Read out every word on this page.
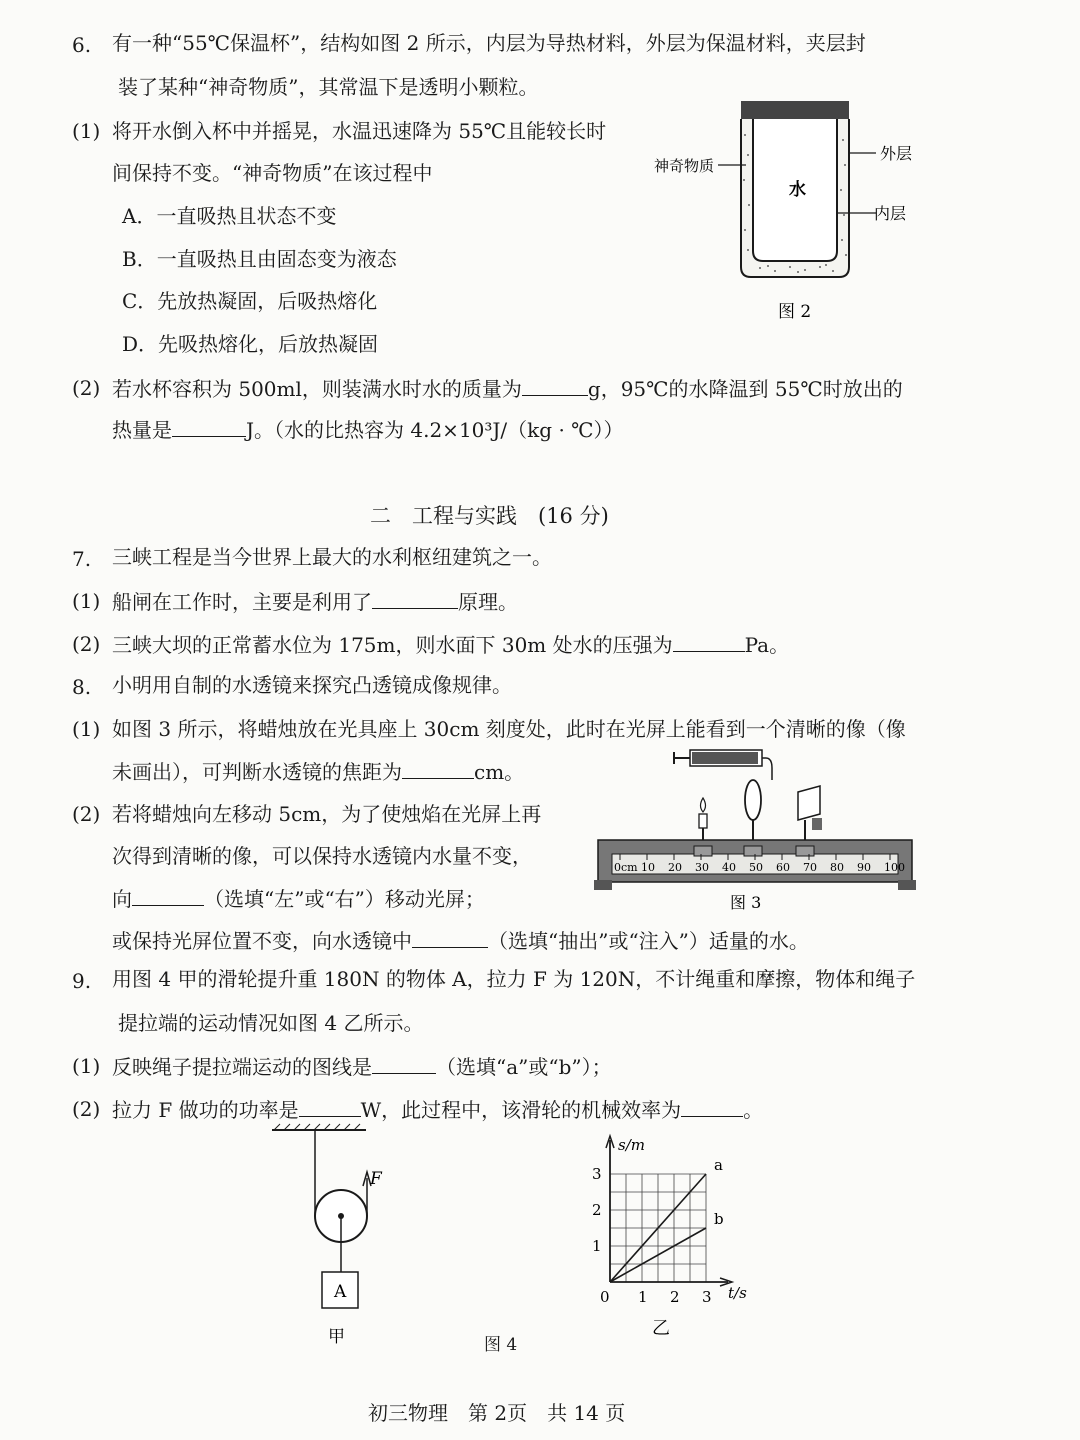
6. 有一种“55℃保温杯”，结构如图 2 所示，内层为导热材料，外层为保温材料，夹层封
装了某种“神奇物质”，其常温下是透明小颗粒。
(1) 将开水倒入杯中并摇晃，水温迅速降为 55℃且能较长时
间保持不变。“神奇物质”在该过程中
A．一直吸热且状态不变
B．一直吸热且由固态变为液态
C．先放热凝固，后吸热熔化
D．先吸热熔化，后放热凝固
(2) 若水杯容积为 500ml，则装满水时水的质量为	g，95℃的水降温到 55℃时放出的
热量是	J。（水的比热容为 4.2×10³J/（kg · ℃））
神奇物质
外层
水
内层
图 2
二　工程与实践　(16 分)
7. 三峡工程是当今世界上最大的水利枢纽建筑之一。
(1) 船闸在工作时，主要是利用了	原理。
(2) 三峡大坝的正常蓄水位为 175m，则水面下 30m 处水的压强为	Pa。
8. 小明用自制的水透镜来探究凸透镜成像规律。
(1) 如图 3 所示，将蜡烛放在光具座上 30cm 刻度处，此时在光屏上能看到一个清晰的像（像
未画出），可判断水透镜的焦距为	cm。
(2) 若将蜡烛向左移动 5cm，为了使烛焰在光屏上再
次得到清晰的像，可以保持水透镜内水量不变，
向	（选填“左”或“右”）移动光屏；
或保持光屏位置不变，向水透镜中	（选填“抽出”或“注入”）适量的水。
0cm 10 20 30 40 50 60 70 80 90 100
图 3
9. 用图 4 甲的滑轮提升重 180N 的物体 A，拉力 F 为 120N，不计绳重和摩擦，物体和绳子
提拉端的运动情况如图 4 乙所示。
(1) 反映绳子提拉端运动的图线是	（选填“a”或“b”）；
(2) 拉力 F 做功的功率是	W，此过程中，该滑轮的机械效率为	。
A
F
甲	图 4
s/m
t/s
0 1 2 3
1
2
3	a
b
乙
初三物理　第 2页　共 14 页
